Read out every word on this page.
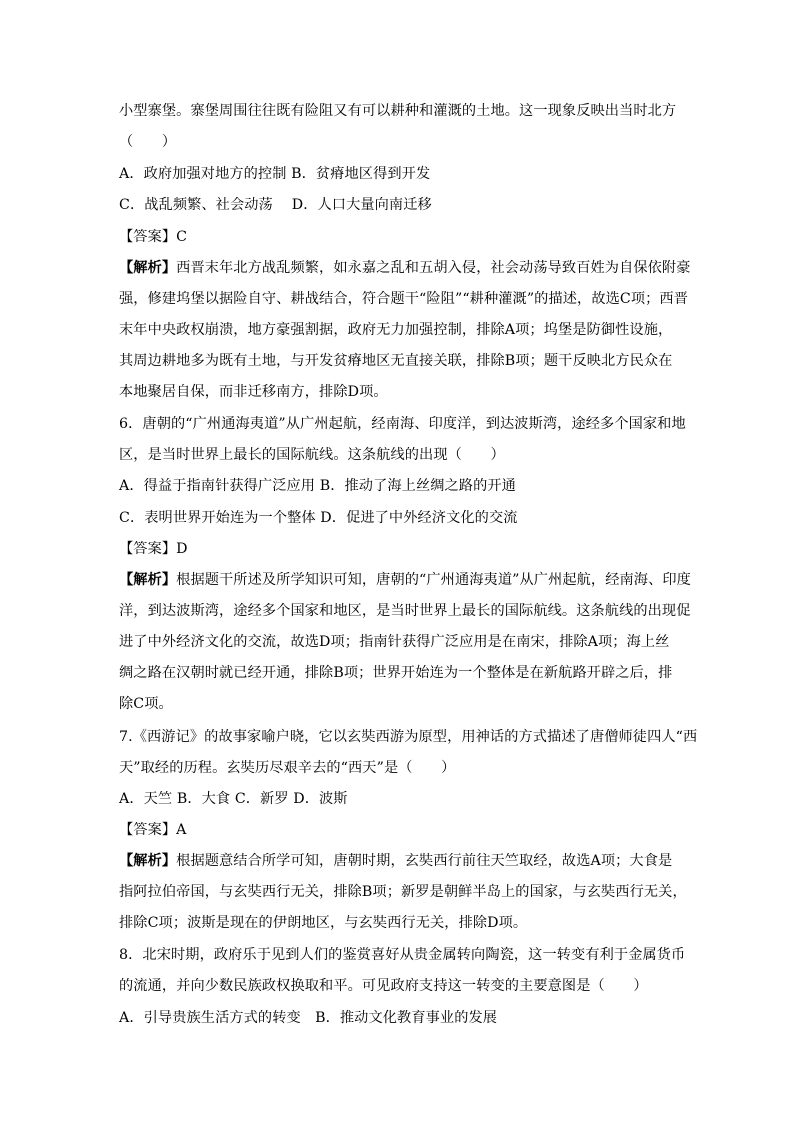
小型寨堡。寨堡周围往往既有险阻又有可以耕种和灌溉的土地。这一现象反映出当时北方
（　　）
A．政府加强对地方的控制 B．贫瘠地区得到开发
C．战乱频繁、社会动荡　 D．人口大量向南迁移
【答案】C
【解析】西晋末年北方战乱频繁，如永嘉之乱和五胡入侵，社会动荡导致百姓为自保依附豪
强，修建坞堡以据险自守、耕战结合，符合题干“险阻”“耕种灌溉”的描述，故选C项；西晋
末年中央政权崩溃，地方豪强割据，政府无力加强控制，排除A项；坞堡是防御性设施，
其周边耕地多为既有土地，与开发贫瘠地区无直接关联，排除B项；题干反映北方民众在
本地聚居自保，而非迁移南方，排除D项。
6．唐朝的“广州通海夷道”从广州起航，经南海、印度洋，到达波斯湾，途经多个国家和地
区，是当时世界上最长的国际航线。这条航线的出现（　　）
A．得益于指南针获得广泛应用 B．推动了海上丝绸之路的开通
C．表明世界开始连为一个整体 D．促进了中外经济文化的交流
【答案】D
【解析】根据题干所述及所学知识可知，唐朝的“广州通海夷道”从广州起航，经南海、印度
洋，到达波斯湾，途经多个国家和地区，是当时世界上最长的国际航线。这条航线的出现促
进了中外经济文化的交流，故选D项；指南针获得广泛应用是在南宋，排除A项；海上丝
绸之路在汉朝时就已经开通，排除B项；世界开始连为一个整体是在新航路开辟之后，排
除C项。
7.《西游记》的故事家喻户晓，它以玄奘西游为原型，用神话的方式描述了唐僧师徒四人“西
天”取经的历程。玄奘历尽艰辛去的“西天”是（　　）
A．天竺 B．大食 C．新罗 D．波斯
【答案】A
【解析】根据题意结合所学可知，唐朝时期，玄奘西行前往天竺取经，故选A项；大食是
指阿拉伯帝国，与玄奘西行无关，排除B项；新罗是朝鲜半岛上的国家，与玄奘西行无关，
排除C项；波斯是现在的伊朗地区，与玄奘西行无关，排除D项。
8．北宋时期，政府乐于见到人们的鉴赏喜好从贵金属转向陶瓷，这一转变有利于金属货币
的流通，并向少数民族政权换取和平。可见政府支持这一转变的主要意图是（　　）
A．引导贵族生活方式的转变　B．推动文化教育事业的发展
